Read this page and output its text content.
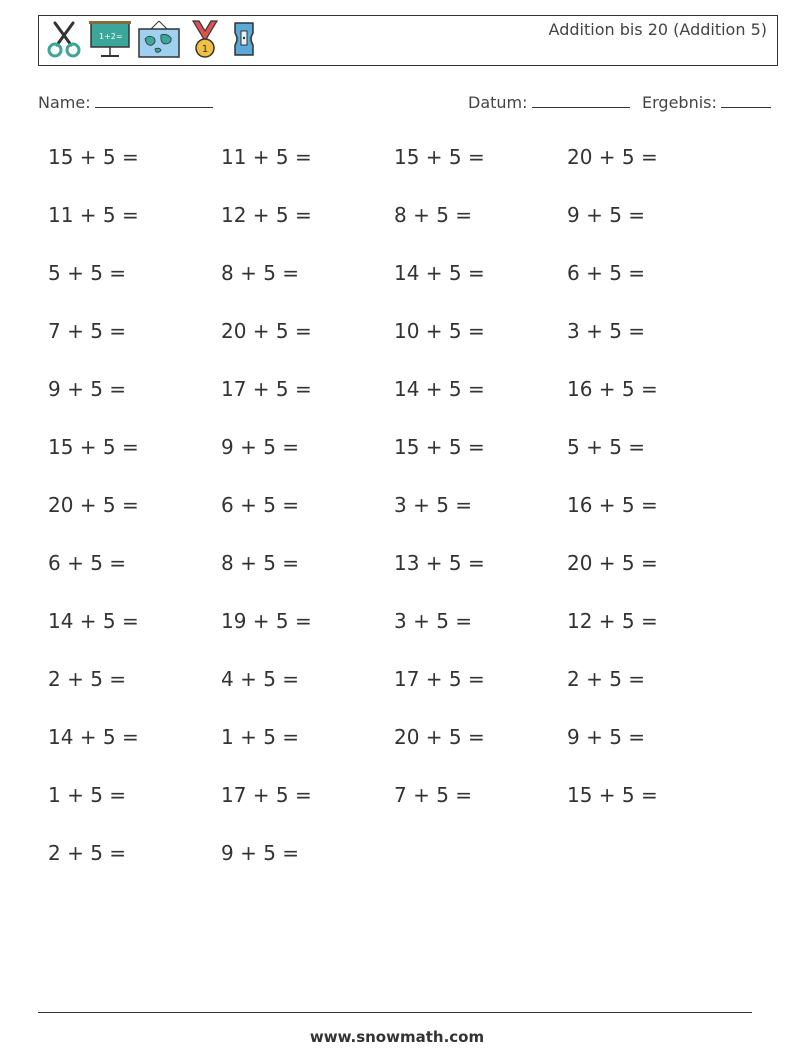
1+2=
1
Addition bis 20 (Addition 5)
Name:	Datum:	Ergebnis:
15 + 5 =	11 + 5 =	15 + 5 =	20 + 5 =
11 + 5 =	12 + 5 =	8 + 5 =	9 + 5 =
5 + 5 =	8 + 5 =	14 + 5 =	6 + 5 =
7 + 5 =	20 + 5 =	10 + 5 =	3 + 5 =
9 + 5 =	17 + 5 =	14 + 5 =	16 + 5 =
15 + 5 =	9 + 5 =	15 + 5 =	5 + 5 =
20 + 5 =	6 + 5 =	3 + 5 =	16 + 5 =
6 + 5 =	8 + 5 =	13 + 5 =	20 + 5 =
14 + 5 =	19 + 5 =	3 + 5 =	12 + 5 =
2 + 5 =	4 + 5 =	17 + 5 =	2 + 5 =
14 + 5 =	1 + 5 =	20 + 5 =	9 + 5 =
1 + 5 =	17 + 5 =	7 + 5 =	15 + 5 =
2 + 5 =	9 + 5 =
www.snowmath.com
